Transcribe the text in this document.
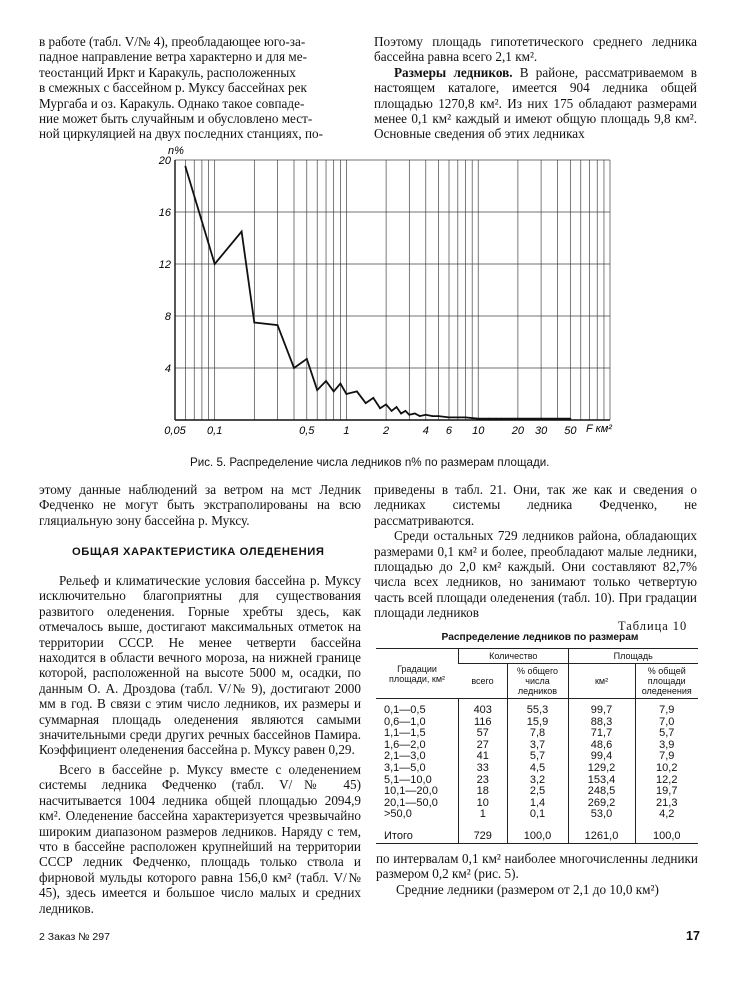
в работе (табл. V/№ 4), преобладающее юго-за-

падное направление ветра характерно и для ме-

теостанций Иркт и Каракуль, расположенных

в смежных с бассейном р. Муксу бассейнах рек

Мургаба и оз. Каракуль. Однако такое совпаде-

ние может быть случайным и обусловлено мест-

ной циркуляцией на двух последних станциях, по-

Поэтому площадь гипотетического среднего ледника бассейна равна всего 2,1 км².

Размеры ледников. В районе, рассматриваемом в настоящем каталоге, имеется 904 ледника общей площадью 1270,8 км². Из них 175 обладают размерами менее 0,1 км² каждый и имеют общую площадь 9,8 км². Основные сведения об этих ледниках

4
8
12
16
20
0,05 0,1	0,5	1	2	4 6 10 20 30 50
n%
F км²
Рис. 5. Распределение числа ледников n% по размерам площади.

этому данные наблюдений за ветром на мст Ледник Федченко не могут быть экстраполированы на всю гляциальную зону бассейна р. Муксу.

приведены в табл. 21. Они, так же как и сведения о ледниках системы ледника Федченко, не рассматриваются.

Среди остальных 729 ледников района, обладающих размерами 0,1 км² и более, преобладают малые ледники, площадью до 2,0 км² каждый. Они составляют 82,7% числа всех ледников, но занимают только четвертую часть всей площади оледенения (табл. 10). При градации площади ледников

ОБЩАЯ ХАРАКТЕРИСТИКА ОЛЕДЕНЕНИЯ

Рельеф и климатические условия бассейна р. Муксу исключительно благоприятны для существования развитого оледенения. Горные хребты здесь, как отмечалось выше, достигают максимальных отметок на территории СССР. Не менее четверти бассейна находится в области вечного мороза, на нижней границе которой, расположенной на высоте 5000 м, осадки, по данным О. А. Дроздова (табл. V/№ 9), достигают 2000 мм в год. В связи с этим число ледников, их размеры и суммарная площадь оледенения являются самыми значительными среди других речных бассейнов Памира. Коэффициент оледенения бассейна р. Муксу равен 0,29.

Всего в бассейне р. Муксу вместе с оледенением системы ледника Федченко (табл. V/№ 45) насчитывается 1004 ледника общей площадью 2094,9 км². Оледенение бассейна характеризуется чрезвычайно широким диапазоном размеров ледников. Наряду с тем, что в бассейне расположен крупнейший на территории СССР ледник Федченко, площадь только ствола и фирновой мульды которого равна 156,0 км² (табл. V/№ 45), здесь имеется и большое число малых и средних ледников.

Таблица 10
Распределение ледников по размерам
Градации площади, км²	Количество		Площадь	
	всего	% общего числа ледников	км²	% общей площади оледенения

0,1—0,5	403	55,3	99,7	7,9
0,6—1,0	116	15,9	88,3	7,0
1,1—1,5	57	7,8	71,7	5,7
1,6—2,0	27	3,7	48,6	3,9
2,1—3,0	41	5,7	99,4	7,9
3,1—5,0	33	4,5	129,2	10,2
5,1—10,0	23	3,2	153,4	12,2
10,1—20,0	18	2,5	248,5	19,7
20,1—50,0	10	1,4	269,2	21,3
>50,0	1	0,1	53,0	4,2

Итого	729	100,0	1261,0	100,0

по интервалам 0,1 км² наиболее многочисленны ледники размером 0,2 км² (рис. 5).

Средние ледники (размером от 2,1 до 10,0 км²)

2 Заказ № 297	17
